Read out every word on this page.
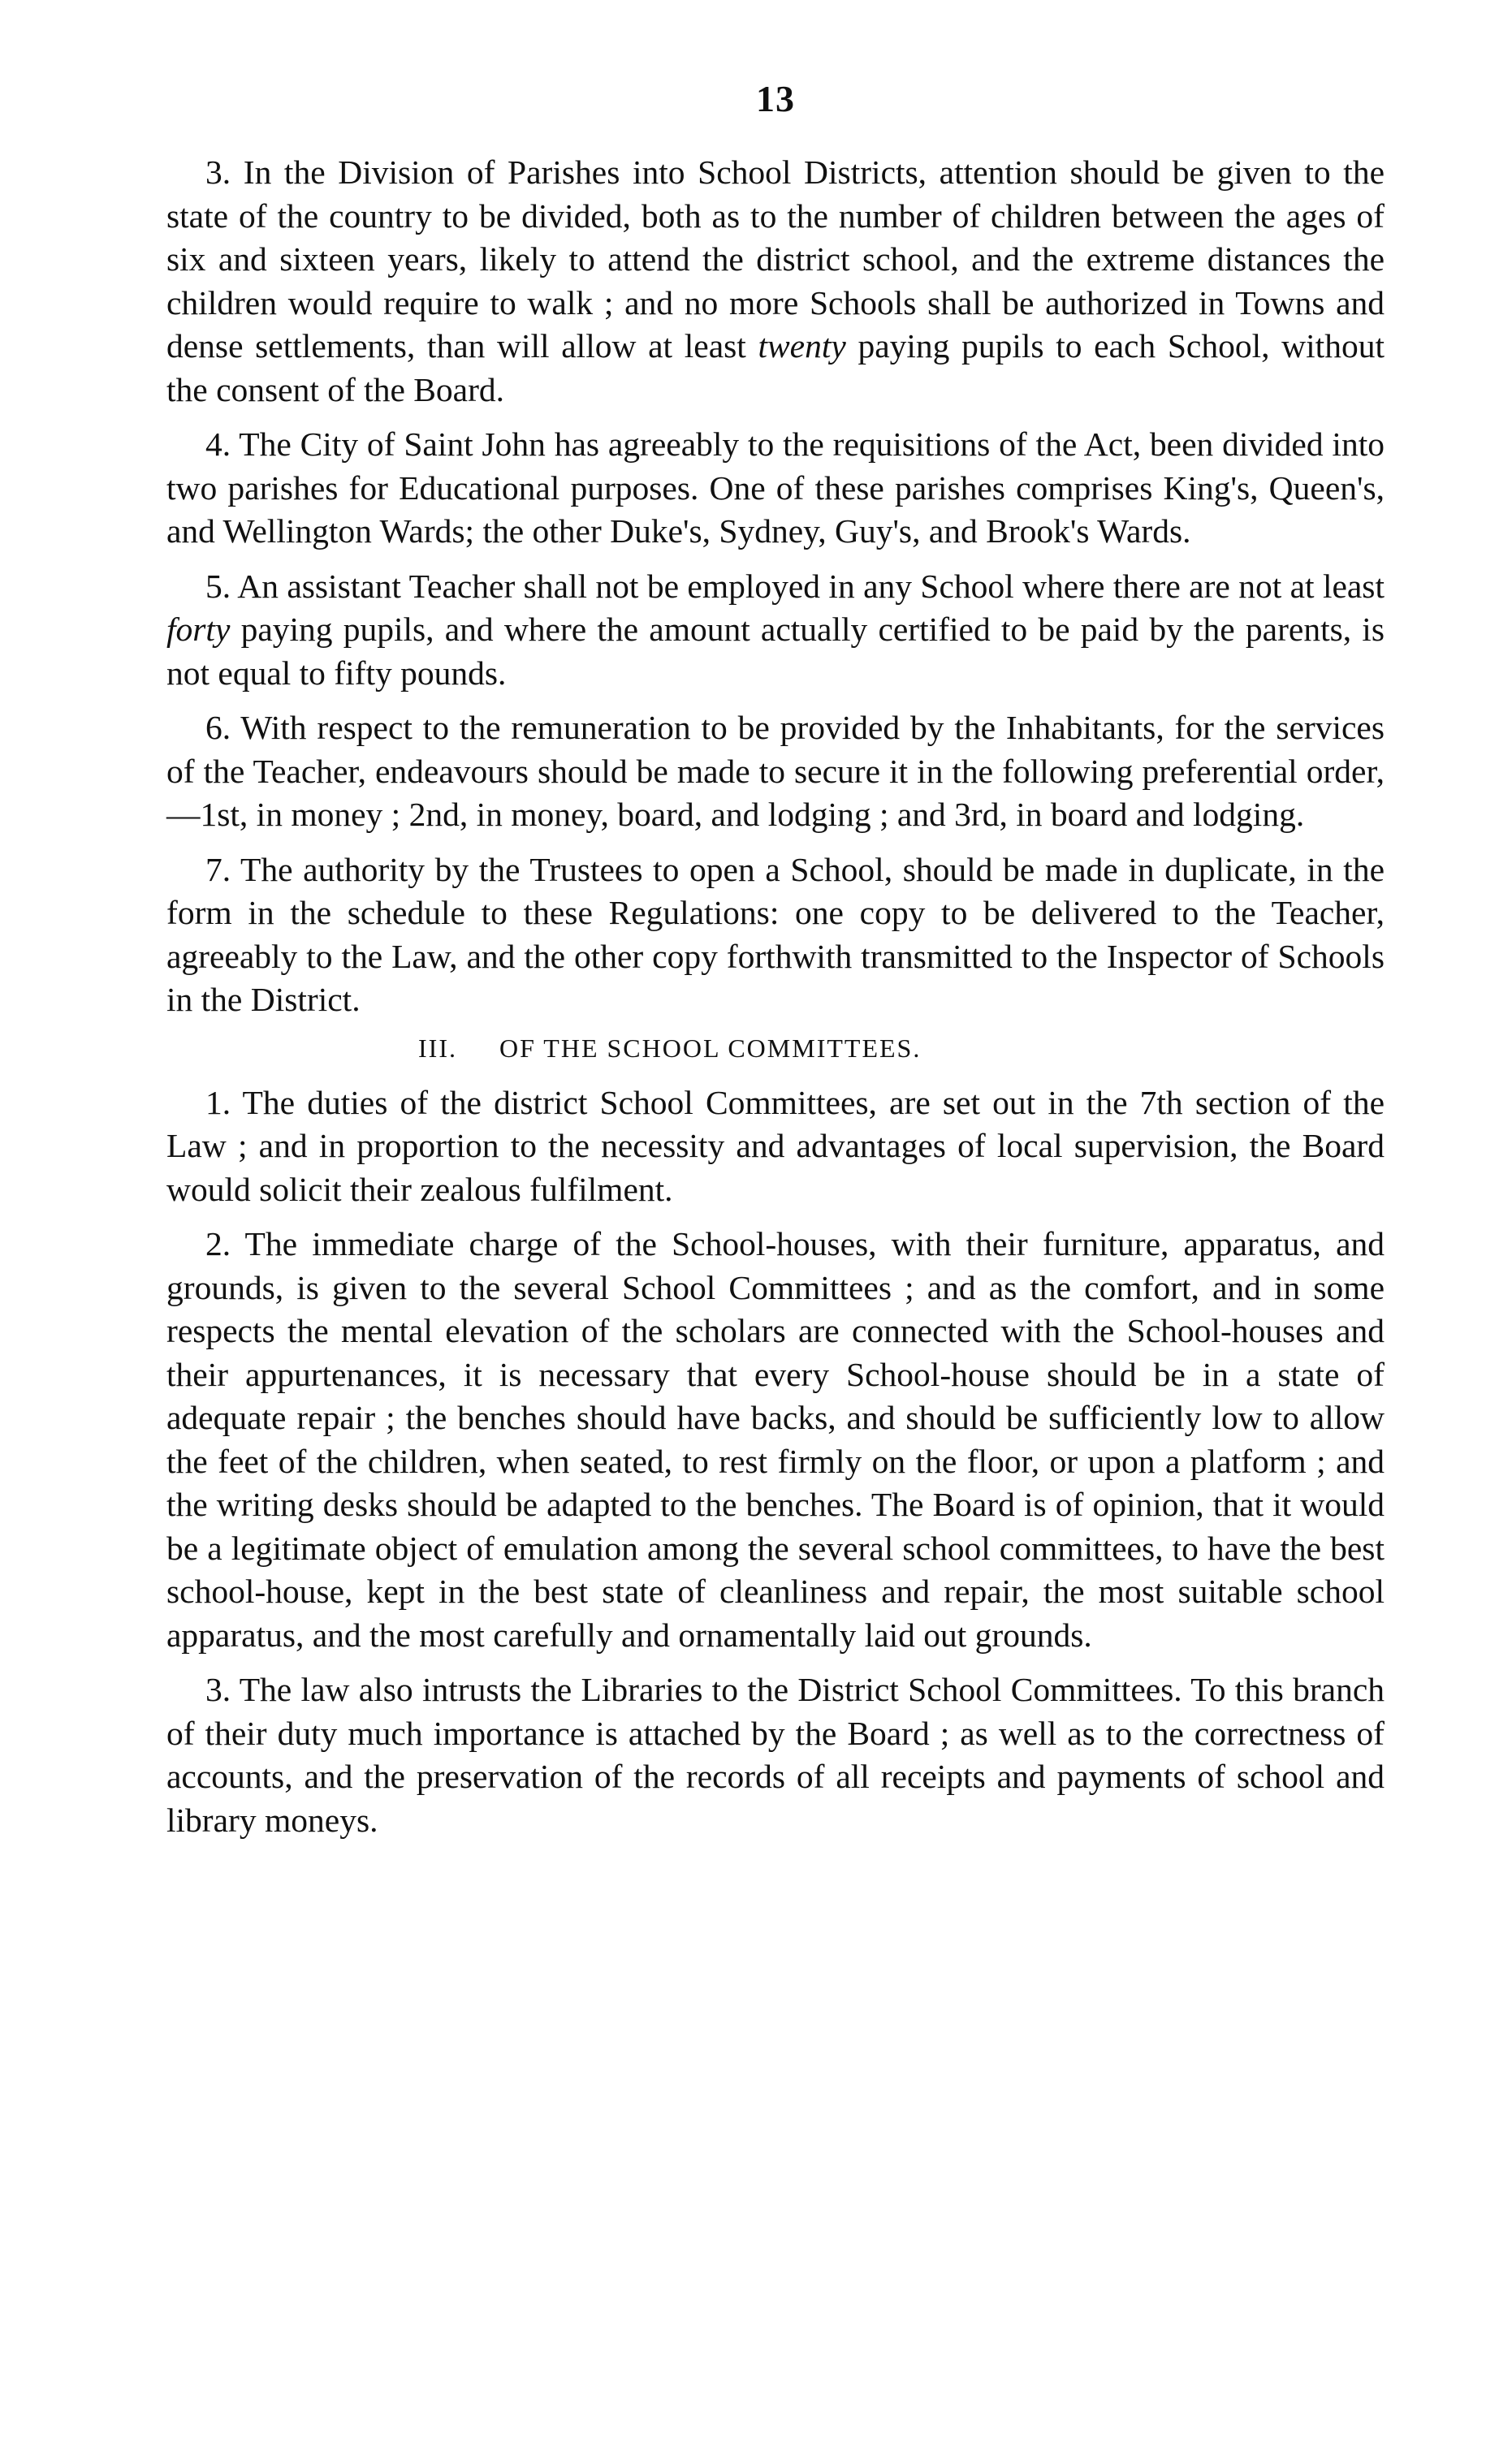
13

3. In the Division of Parishes into School Districts, attention should be given to the state of the country to be divided, both as to the number of children between the ages of six and sixteen years, likely to attend the district school, and the extreme distances the children would require to walk ; and no more Schools shall be authorized in Towns and dense settlements, than will allow at least twenty paying pupils to each School, without the consent of the Board.

4. The City of Saint John has agreeably to the requisitions of the Act, been divided into two parishes for Educational purposes. One of these parishes comprises King's, Queen's, and Wellington Wards; the other Duke's, Sydney, Guy's, and Brook's Wards.

5. An assistant Teacher shall not be employed in any School where there are not at least forty paying pupils, and where the amount actually certified to be paid by the parents, is not equal to fifty pounds.

6. With respect to the remuneration to be provided by the Inhabitants, for the services of the Teacher, endeavours should be made to secure it in the following preferential order,—1st, in money ; 2nd, in money, board, and lodging ; and 3rd, in board and lodging.

7. The authority by the Trustees to open a School, should be made in duplicate, in the form in the schedule to these Regulations: one copy to be delivered to the Teacher, agreeably to the Law, and the other copy forthwith transmitted to the Inspector of Schools in the District.

III. OF THE SCHOOL COMMITTEES.

1. The duties of the district School Committees, are set out in the 7th section of the Law ; and in proportion to the necessity and advantages of local supervision, the Board would solicit their zealous fulfilment.

2. The immediate charge of the School-houses, with their furniture, apparatus, and grounds, is given to the several School Committees ; and as the comfort, and in some respects the mental elevation of the scholars are connected with the School-houses and their appurtenances, it is necessary that every School-house should be in a state of adequate repair ; the benches should have backs, and should be sufficiently low to allow the feet of the children, when seated, to rest firmly on the floor, or upon a platform ; and the writing desks should be adapted to the benches. The Board is of opinion, that it would be a legitimate object of emulation among the several school committees, to have the best school-house, kept in the best state of cleanliness and repair, the most suitable school apparatus, and the most carefully and ornamentally laid out grounds.

3. The law also intrusts the Libraries to the District School Committees. To this branch of their duty much importance is attached by the Board ; as well as to the correctness of accounts, and the preservation of the records of all receipts and payments of school and library moneys.
